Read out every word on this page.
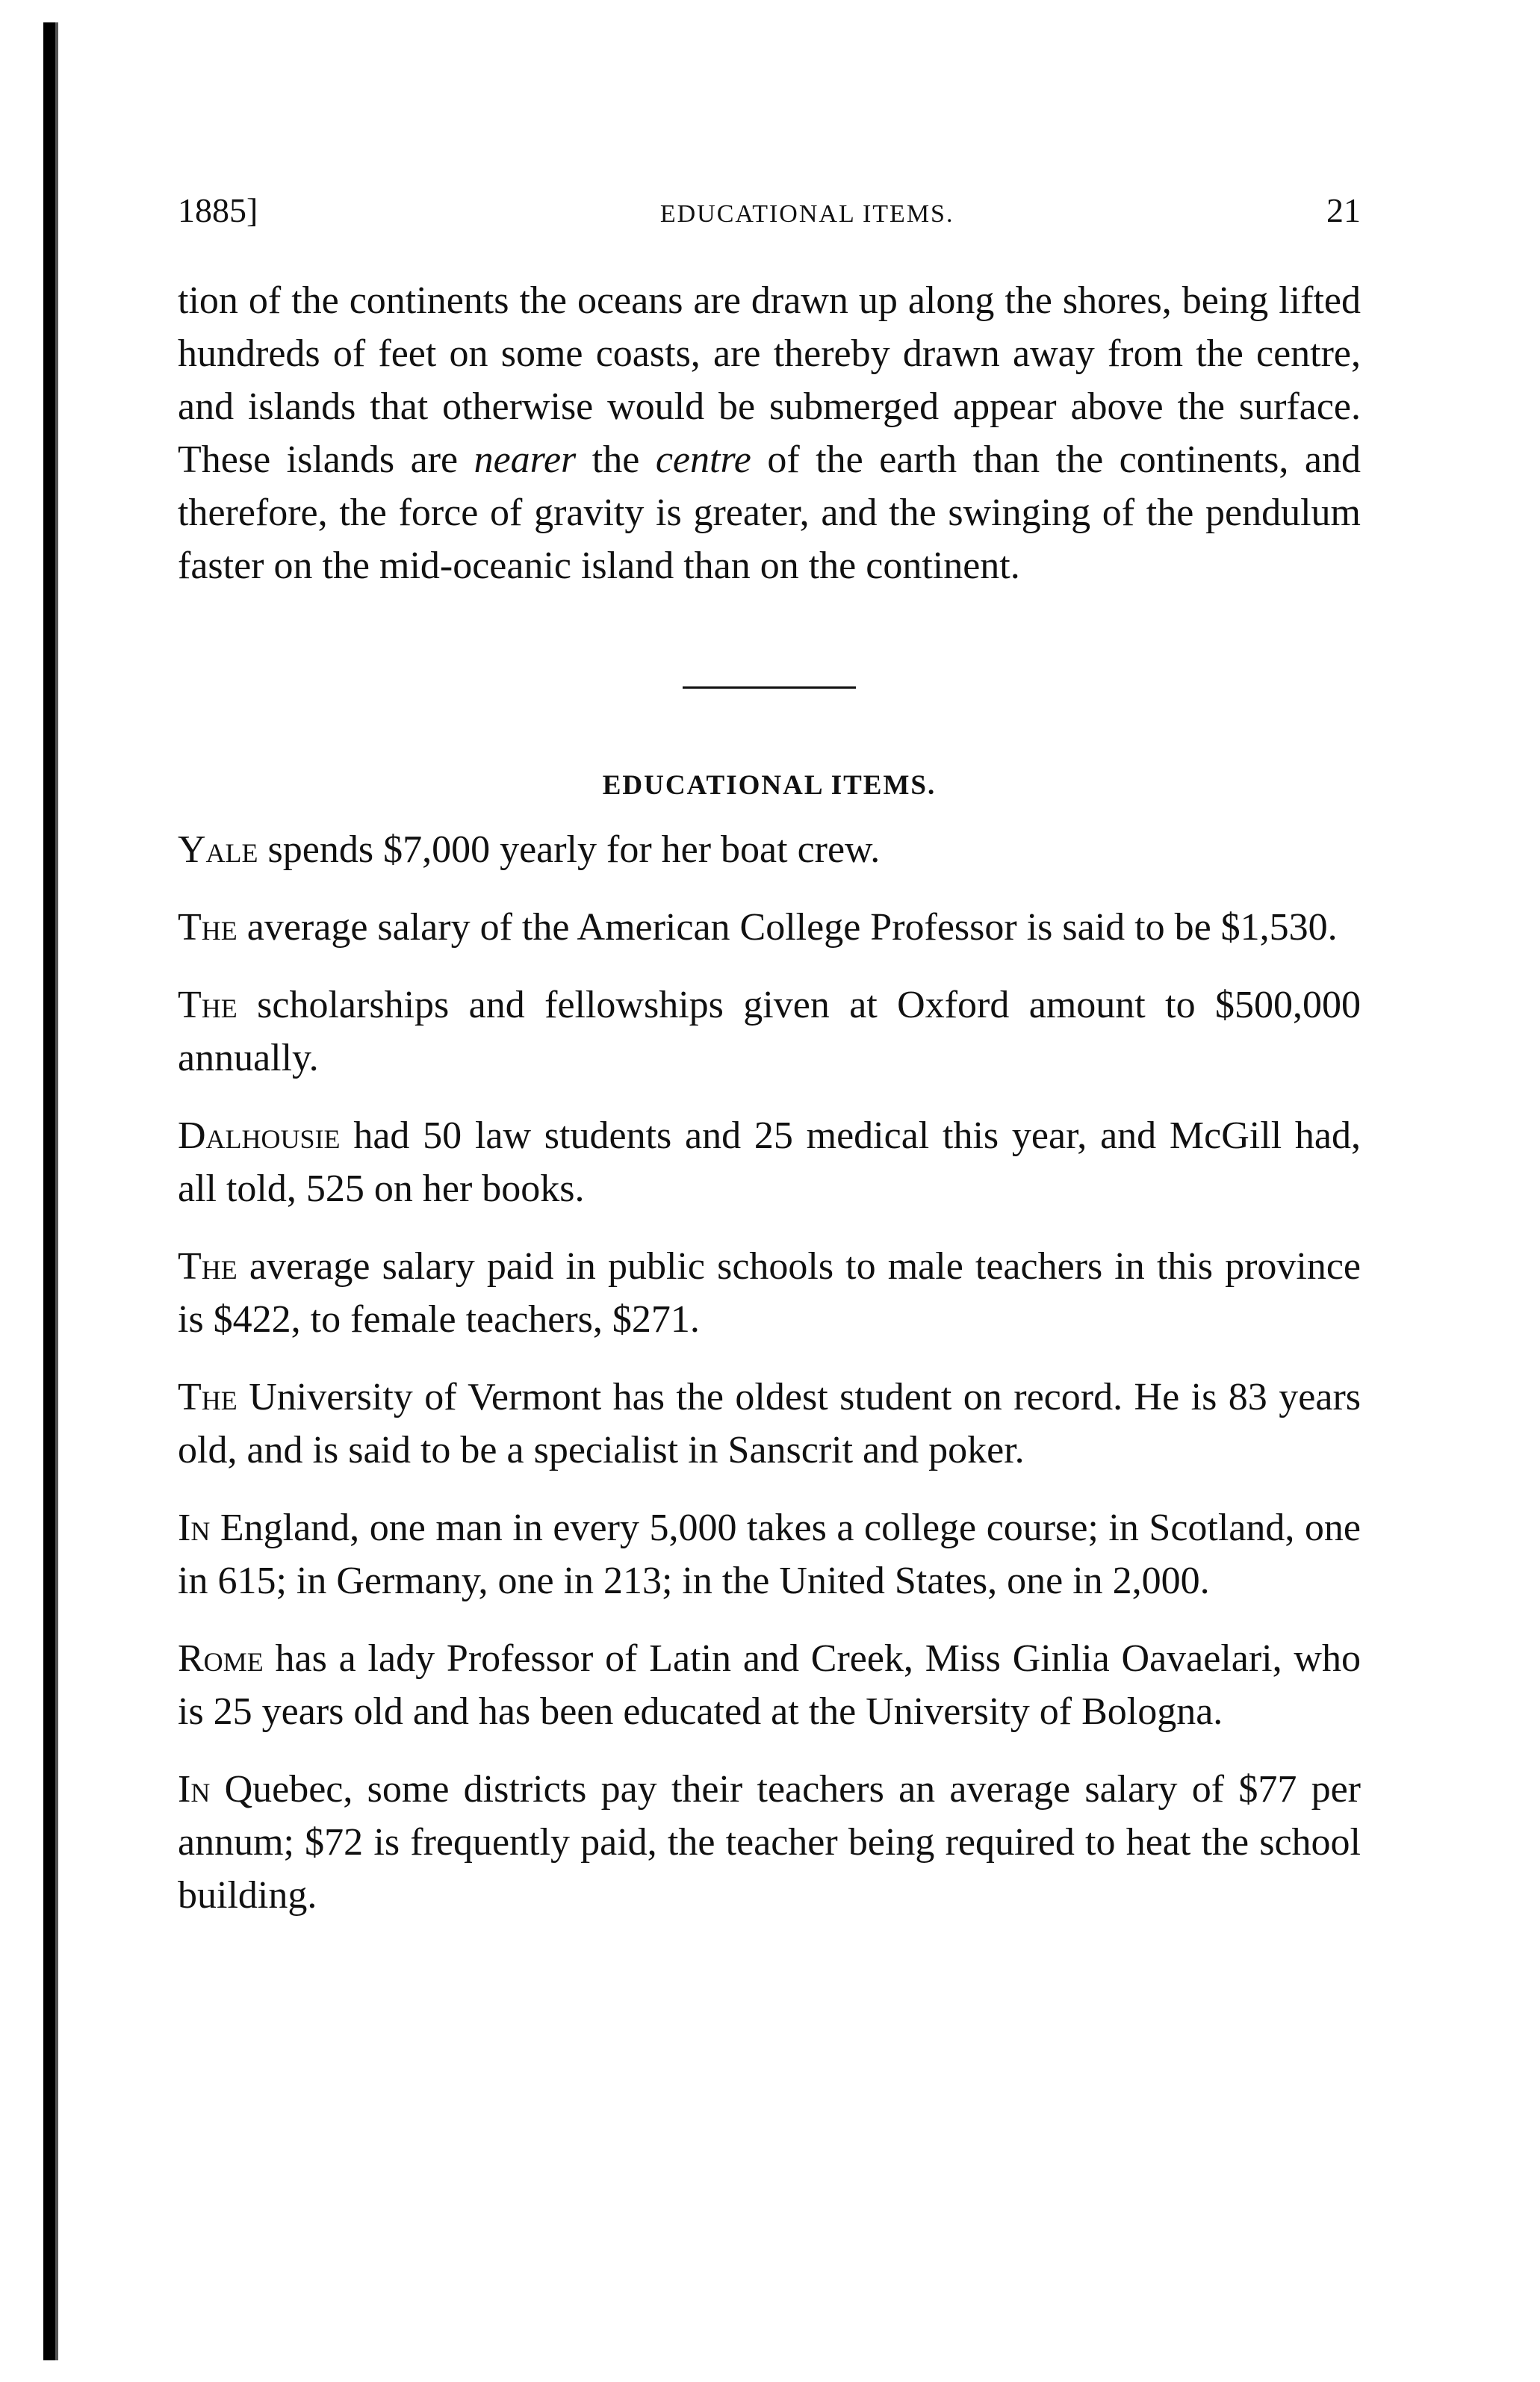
1885]	EDUCATIONAL ITEMS.	21

tion of the continents the oceans are drawn up along the shores, being lifted hundreds of feet on some coasts, are thereby drawn away from the centre, and islands that otherwise would be submerged appear above the surface. These islands are nearer the centre of the earth than the continents, and therefore, the force of gravity is greater, and the swinging of the pendulum faster on the mid-oceanic island than on the continent.

EDUCATIONAL ITEMS.

Yale spends $7,000 yearly for her boat crew.

The average salary of the American College Professor is said to be $1,530.

The scholarships and fellowships given at Oxford amount to $500,000 annually.

Dalhousie had 50 law students and 25 medical this year, and McGill had, all told, 525 on her books.

The average salary paid in public schools to male teachers in this province is $422, to female teachers, $271.

The University of Vermont has the oldest student on record. He is 83 years old, and is said to be a specialist in Sanscrit and poker.

In England, one man in every 5,000 takes a college course; in Scotland, one in 615; in Germany, one in 213; in the United States, one in 2,000.

Rome has a lady Professor of Latin and Creek, Miss Ginlia Oavaelari, who is 25 years old and has been educated at the University of Bologna.

In Quebec, some districts pay their teachers an average salary of $77 per annum; $72 is frequently paid, the teacher being required to heat the school building.
